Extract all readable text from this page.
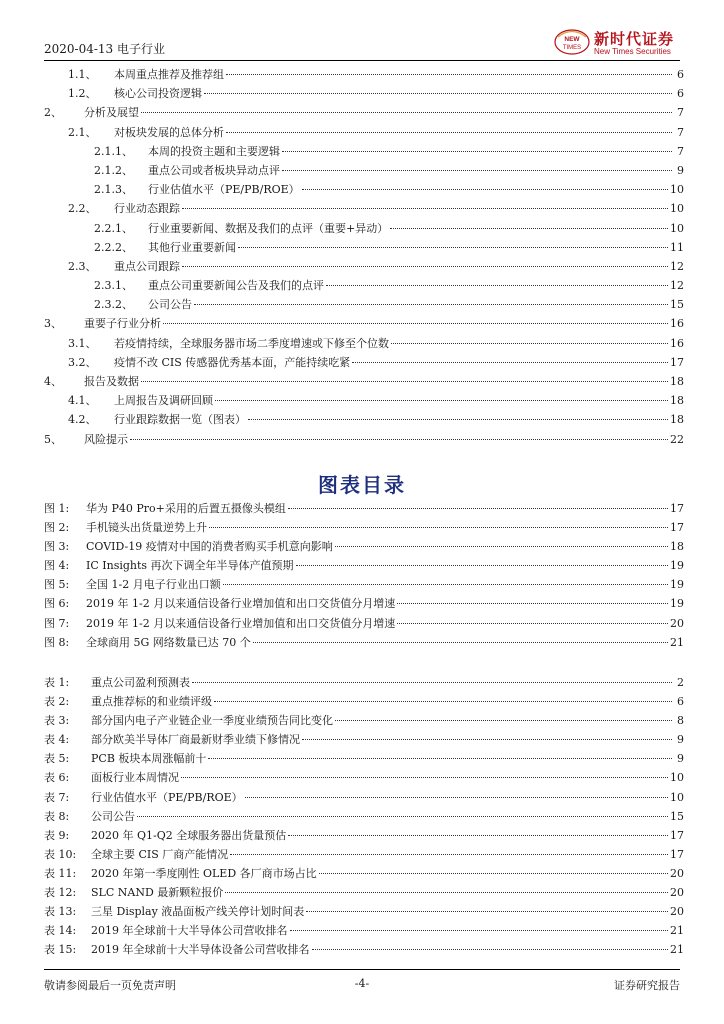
2020-04-13 电子行业
NEW
TIMES 新时代证券
New Times Securities
1.1、	本周重点推荐及推荐组	6
1.2、	核心公司投资逻辑	6
2、	分析及展望	7
2.1、	对板块发展的总体分析	7
2.1.1、 本周的投资主题和主要逻辑	7
2.1.2、 重点公司或者板块异动点评	9
2.1.3、 行业估值水平（PE/PB/ROE）	10
2.2、	行业动态跟踪	10
2.2.1、 行业重要新闻、数据及我们的点评（重要+异动）	10
2.2.2、 其他行业重要新闻	11
2.3、	重点公司跟踪	12
2.3.1、 重点公司重要新闻公告及我们的点评	12
2.3.2、 公司公告	15
3、	重要子行业分析	16
3.1、	若疫情持续，全球服务器市场二季度增速或下修至个位数	16
3.2、	疫情不改 CIS 传感器优秀基本面，产能持续吃紧	17
4、	报告及数据	18
4.1、	上周报告及调研回顾	18
4.2、	行业跟踪数据一览（图表）	18
5、	风险提示	22
图表目录
图 1:	华为 P40 Pro+采用的后置五摄像头模组	17
图 2:	手机镜头出货量逆势上升	17
图 3:	COVID-19 疫情对中国的消费者购买手机意向影响	18
图 4:	IC Insights 再次下调全年半导体产值预期	19
图 5:	全国 1-2 月电子行业出口额	19
图 6:	2019 年 1-2 月以来通信设备行业增加值和出口交货值分月增速	19
图 7:	2019 年 1-2 月以来通信设备行业增加值和出口交货值分月增速	20
图 8:	全球商用 5G 网络数量已达 70 个	21
表 1:	重点公司盈利预测表	2
表 2:	重点推荐标的和业绩评级	6
表 3:	部分国内电子产业链企业一季度业绩预告同比变化	8
表 4:	部分欧美半导体厂商最新财季业绩下修情况	9
表 5:	PCB 板块本周涨幅前十	9
表 6:	面板行业本周情况	10
表 7:	行业估值水平（PE/PB/ROE）	10
表 8:	公司公告	15
表 9:	2020 年 Q1-Q2 全球服务器出货量预估	17
表 10:	全球主要 CIS 厂商产能情况	17
表 11:	2020 年第一季度刚性 OLED 各厂商市场占比	20
表 12:	SLC NAND 最新颗粒报价	20
表 13:	三星 Display 液晶面板产线关停计划时间表	20
表 14:	2019 年全球前十大半导体公司营收排名	21
表 15:	2019 年全球前十大半导体设备公司营收排名	21
敬请参阅最后一页免责声明	-4-	证券研究报告
